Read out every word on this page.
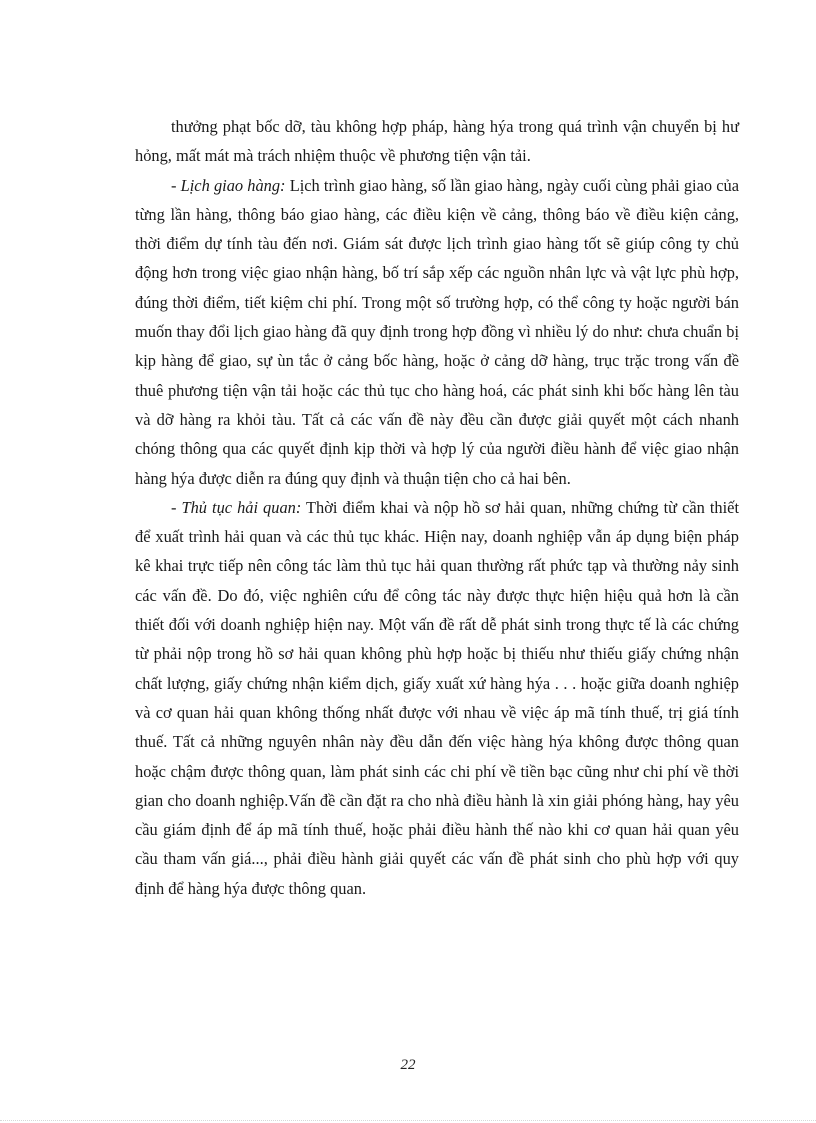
thưởng phạt bốc dỡ, tàu không hợp pháp, hàng hýa trong quá trình vận chuyển bị hư hỏng, mất mát mà trách nhiệm thuộc về phương tiện vận tải.

- Lịch giao hàng: Lịch trình giao hàng, số lần giao hàng, ngày cuối cùng phải giao của từng lần hàng, thông báo giao hàng, các điều kiện về cảng, thông báo về điều kiện cảng, thời điểm dự tính tàu đến nơi. Giám sát được lịch trình giao hàng tốt sẽ giúp công ty chủ động hơn trong việc giao nhận hàng, bố trí sắp xếp các nguồn nhân lực và vật lực phù hợp, đúng thời điểm, tiết kiệm chi phí. Trong một số trường hợp, có thể công ty hoặc người bán muốn thay đổi lịch giao hàng đã quy định trong hợp đồng vì nhiều lý do như: chưa chuẩn bị kịp hàng để giao, sự ùn tắc ở cảng bốc hàng, hoặc ở cảng dỡ hàng, trục trặc trong vấn đề thuê phương tiện vận tải hoặc các thủ tục cho hàng hoá, các phát sinh khi bốc hàng lên tàu và dỡ hàng ra khỏi tàu. Tất cả các vấn đề này đều cần được giải quyết một cách nhanh chóng thông qua các quyết định kịp thời và hợp lý của người điều hành để việc giao nhận hàng hýa được diễn ra đúng quy định và thuận tiện cho cả hai bên.

- Thủ tục hải quan: Thời điểm khai và nộp hồ sơ hải quan, những chứng từ cần thiết để xuất trình hải quan và các thủ tục khác. Hiện nay, doanh nghiệp vẫn áp dụng biện pháp kê khai trực tiếp nên công tác làm thủ tục hải quan thường rất phức tạp và thường nảy sinh các vấn đề. Do đó, việc nghiên cứu để công tác này được thực hiện hiệu quả hơn là cần thiết đối với doanh nghiệp hiện nay. Một vấn đề rất dễ phát sinh trong thực tế là các chứng từ phải nộp trong hồ sơ hải quan không phù hợp hoặc bị thiếu như thiếu giấy chứng nhận chất lượng, giấy chứng nhận kiểm dịch, giấy xuất xứ hàng hýa . . . hoặc giữa doanh nghiệp và cơ quan hải quan không thống nhất được với nhau về việc áp mã tính thuế, trị giá tính thuế. Tất cả những nguyên nhân này đều dẫn đến việc hàng hýa không được thông quan hoặc chậm được thông quan, làm phát sinh các chi phí về tiền bạc cũng như chi phí về thời gian cho doanh nghiệp.Vấn đề cần đặt ra cho nhà điều hành là xin giải phóng hàng, hay yêu cầu giám định để áp mã tính thuế, hoặc phải điều hành thế nào khi cơ quan hải quan yêu cầu tham vấn giá..., phải điều hành giải quyết các vấn đề phát sinh cho phù hợp với quy định để hàng hýa được thông quan.

22
